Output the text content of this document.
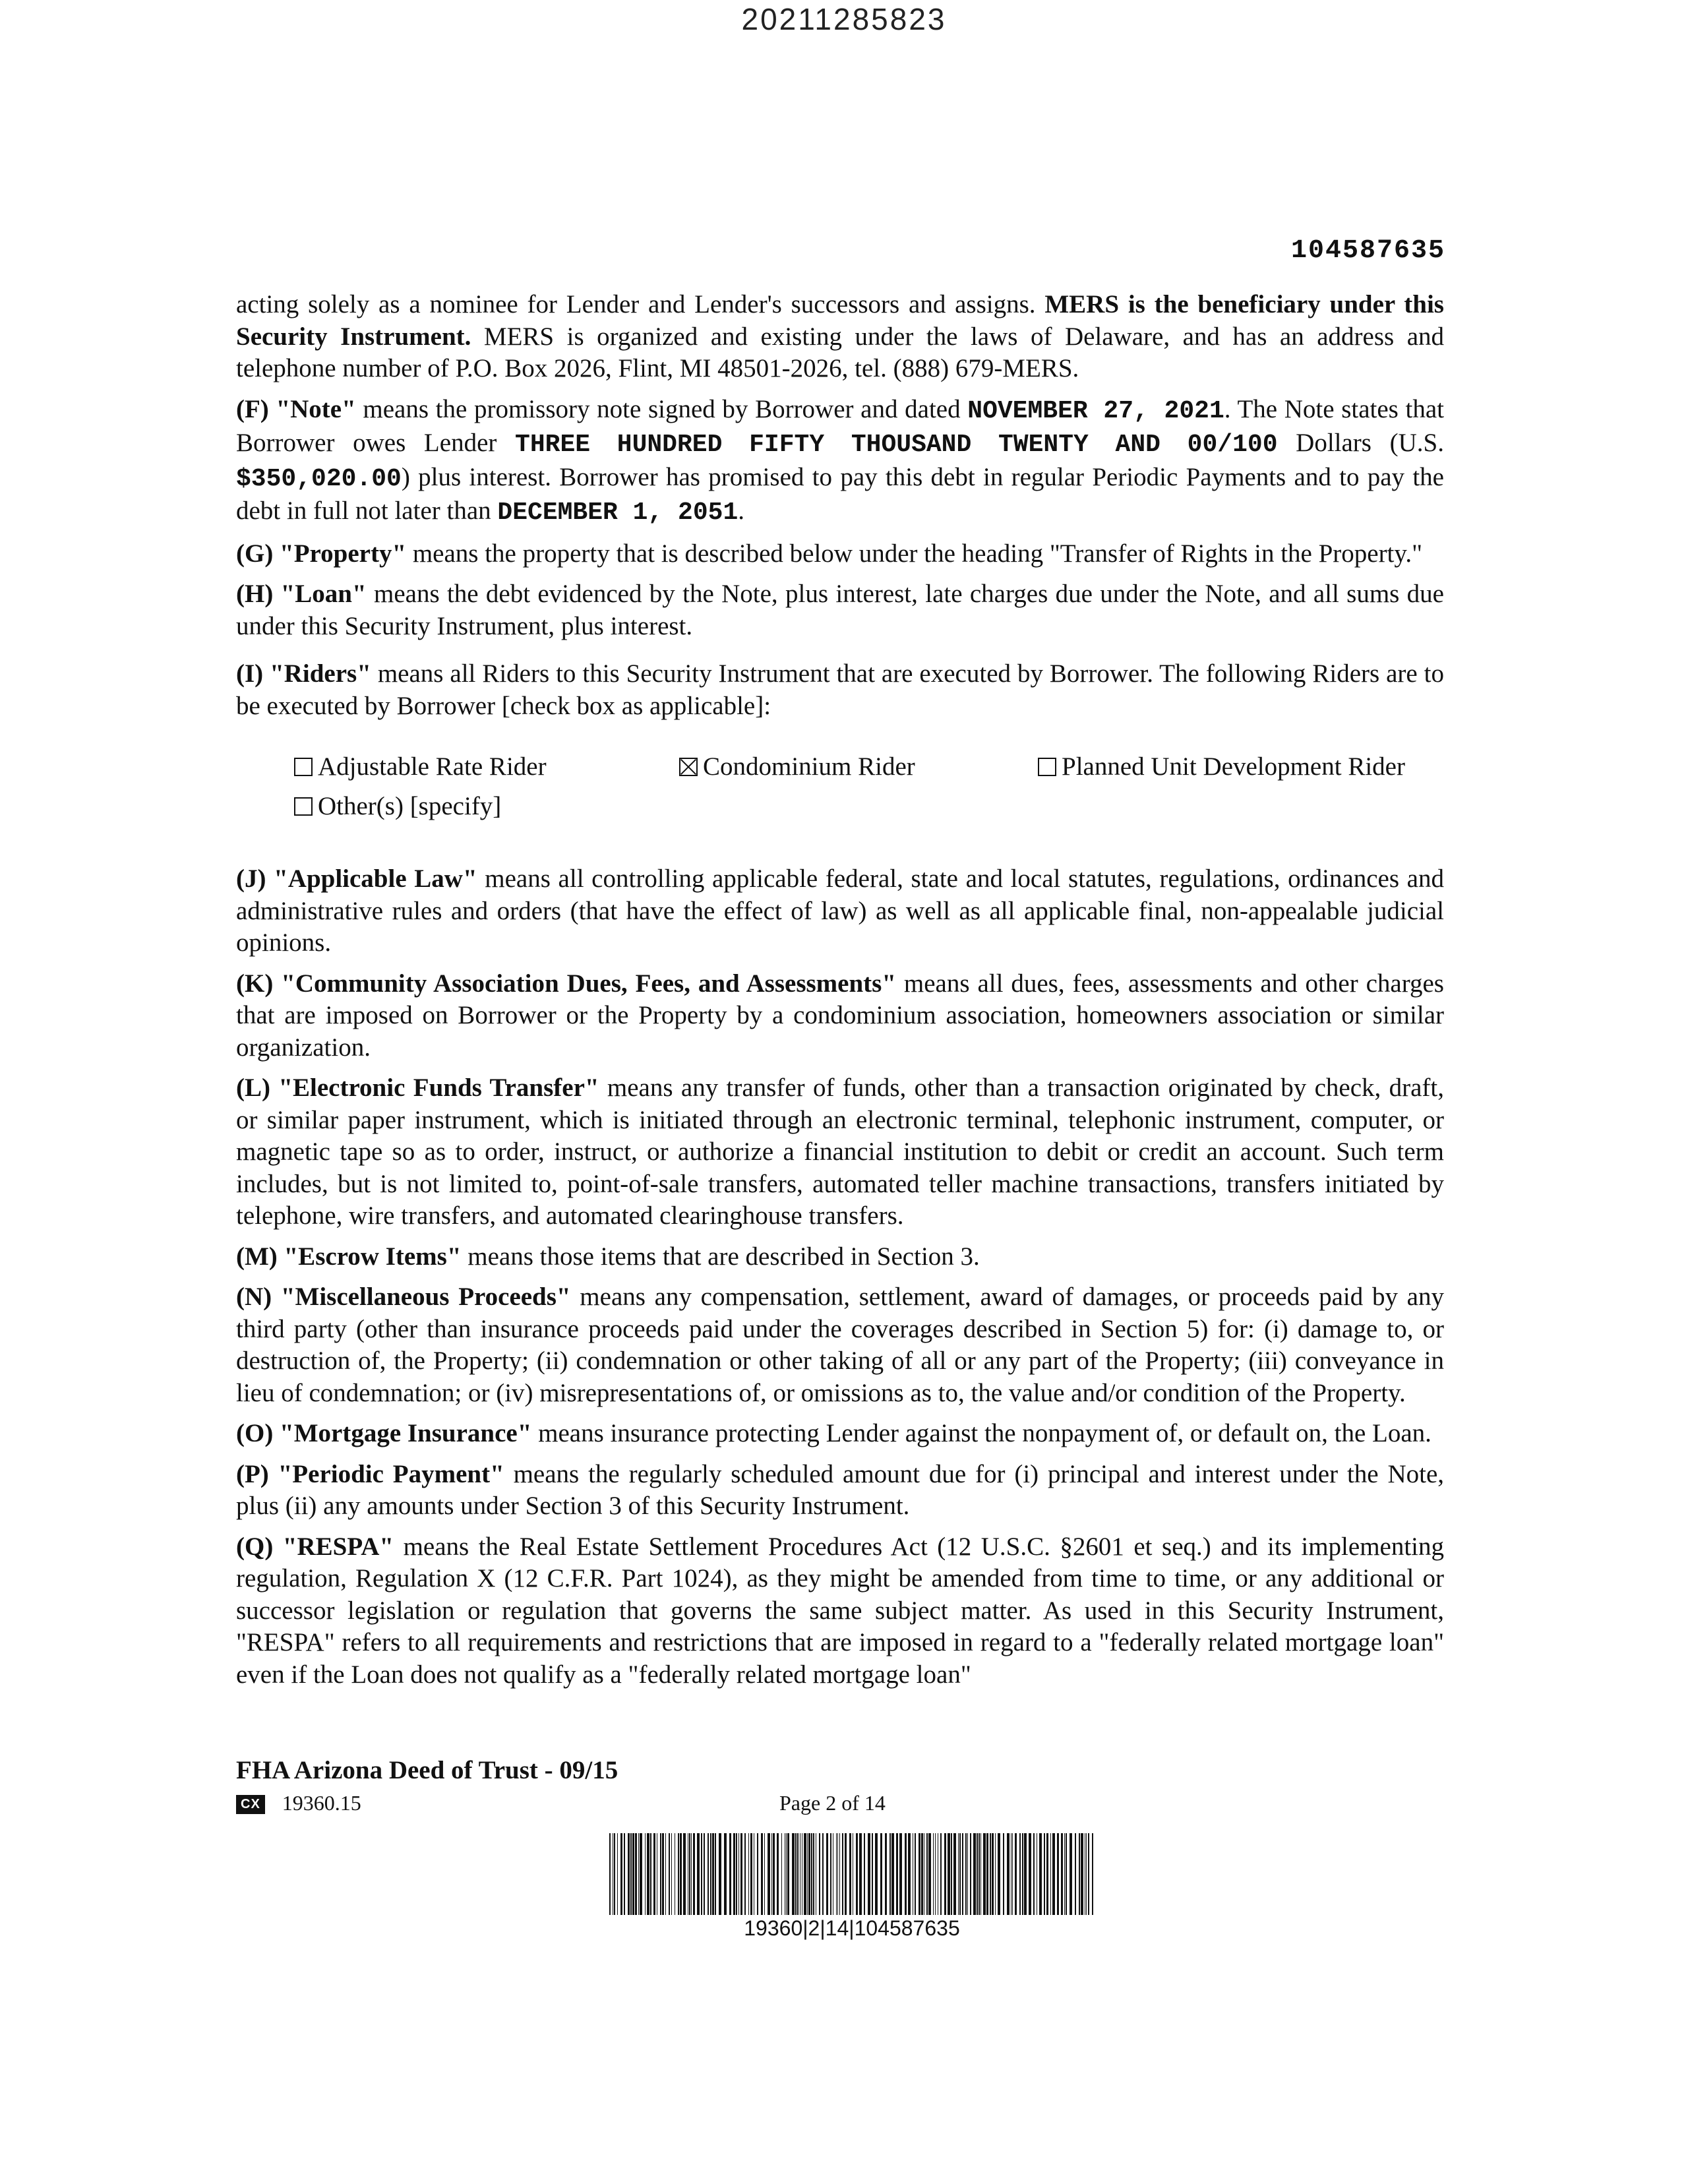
20211285823
104587635

acting solely as a nominee for Lender and Lender's successors and assigns. MERS is the beneficiary under this Security Instrument. MERS is organized and existing under the laws of Delaware, and has an address and telephone number of P.O. Box 2026, Flint, MI 48501-2026, tel. (888) 679-MERS.

(F) "Note" means the promissory note signed by Borrower and dated NOVEMBER 27, 2021. The Note states that Borrower owes Lender THREE HUNDRED FIFTY THOUSAND TWENTY AND 00/100 Dollars (U.S. $350,020.00) plus interest. Borrower has promised to pay this debt in regular Periodic Payments and to pay the debt in full not later than DECEMBER 1, 2051.

(G) "Property" means the property that is described below under the heading "Transfer of Rights in the Property."

(H) "Loan" means the debt evidenced by the Note, plus interest, late charges due under the Note, and all sums due under this Security Instrument, plus interest.

(I) "Riders" means all Riders to this Security Instrument that are executed by Borrower. The following Riders are to be executed by Borrower [check box as applicable]:

Adjustable Rate Rider	Condominium Rider	Planned Unit Development Rider
Other(s) [specify]

(J) "Applicable Law" means all controlling applicable federal, state and local statutes, regulations, ordinances and administrative rules and orders (that have the effect of law) as well as all applicable final, non-appealable judicial opinions.

(K) "Community Association Dues, Fees, and Assessments" means all dues, fees, assessments and other charges that are imposed on Borrower or the Property by a condominium association, homeowners association or similar organization.

(L) "Electronic Funds Transfer" means any transfer of funds, other than a transaction originated by check, draft, or similar paper instrument, which is initiated through an electronic terminal, telephonic instrument, computer, or magnetic tape so as to order, instruct, or authorize a financial institution to debit or credit an account. Such term includes, but is not limited to, point-of-sale transfers, automated teller machine transactions, transfers initiated by telephone, wire transfers, and automated clearinghouse transfers.

(M) "Escrow Items" means those items that are described in Section 3.

(N) "Miscellaneous Proceeds" means any compensation, settlement, award of damages, or proceeds paid by any third party (other than insurance proceeds paid under the coverages described in Section 5) for: (i) damage to, or destruction of, the Property; (ii) condemnation or other taking of all or any part of the Property; (iii) conveyance in lieu of condemnation; or (iv) misrepresentations of, or omissions as to, the value and/or condition of the Property.

(O) "Mortgage Insurance" means insurance protecting Lender against the nonpayment of, or default on, the Loan.

(P) "Periodic Payment" means the regularly scheduled amount due for (i) principal and interest under the Note, plus (ii) any amounts under Section 3 of this Security Instrument.

(Q) "RESPA" means the Real Estate Settlement Procedures Act (12 U.S.C. §2601 et seq.) and its implementing regulation, Regulation X (12 C.F.R. Part 1024), as they might be amended from time to time, or any additional or successor legislation or regulation that governs the same subject matter. As used in this Security Instrument, "RESPA" refers to all requirements and restrictions that are imposed in regard to a "federally related mortgage loan" even if the Loan does not qualify as a "federally related mortgage loan"

FHA Arizona Deed of Trust - 09/15
CX 19360.15	Page 2 of 14
19360|2|14|104587635
